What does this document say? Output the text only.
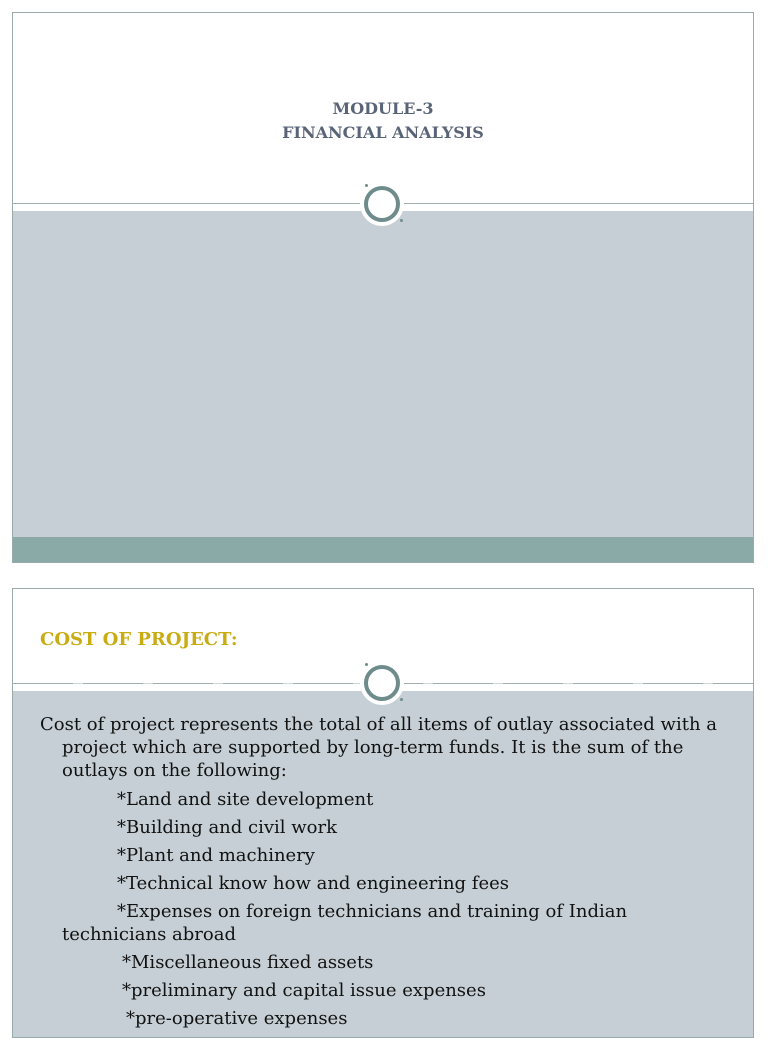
MODULE-3
FINANCIAL ANALYSIS
COST OF PROJECT:
Cost of project represents the total of all items of outlay associated with a project which are supported by long-term funds. It is the sum of the outlays on the following:
*Land and site development
*Building and civil work
*Plant and machinery
*Technical know how and engineering fees
*Expenses on foreign technicians and training of Indian technicians abroad
*Miscellaneous fixed assets
*preliminary and capital issue expenses
*pre-operative expenses
